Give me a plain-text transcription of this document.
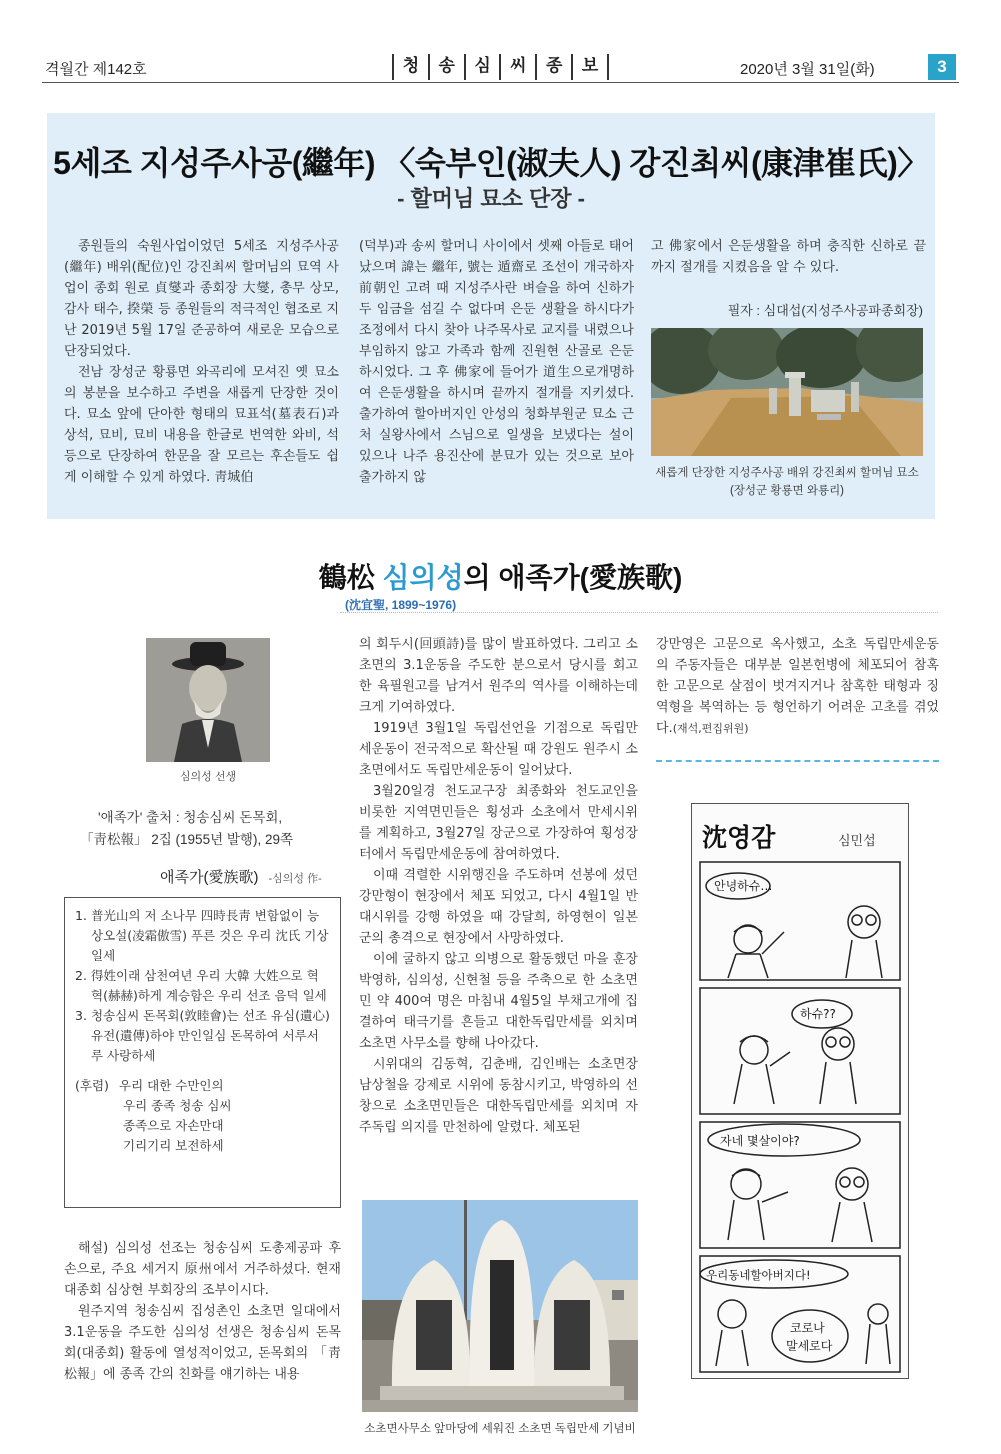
격월간 제142호	청	송	심	씨	종	보	2020년 3월 31일(화)	3
5세조 지성주사공(繼年) 〈숙부인(淑夫人) 강진최씨(康津崔氏)〉
- 할머님 묘소 단장 -

종원들의 숙원사업이었던 5세조 지성주사공(繼年) 배위(配位)인 강진최씨 할머님의 묘역 사업이 종회 원로 貞燮과 종회장 大燮, 총무 상모, 감사 태수, 揆榮 등 종원들의 적극적인 협조로 지난 2019년 5월 17일 준공하여 새로운 모습으로 단장되었다.

전남 장성군 황룡면 와곡리에 모셔진 옛 묘소의 봉분을 보수하고 주변을 새롭게 단장한 것이다. 묘소 앞에 단아한 형태의 묘표석(墓表石)과 상석, 묘비, 묘비 내용을 한글로 번역한 와비, 석등으로 단장하여 한문을 잘 모르는 후손들도 쉽게 이해할 수 있게 하였다. 靑城伯

(덕부)과 송씨 할머니 사이에서 셋째 아들로 태어났으며 諱는 繼年, 號는 遁齋로 조선이 개국하자 前朝인 고려 때 지성주사란 벼슬을 하여 신하가 두 임금을 섬길 수 없다며 은둔 생활을 하시다가 조정에서 다시 찾아 나주목사로 교지를 내렸으나 부임하지 않고 가족과 함께 진원현 산골로 은둔하시었다. 그 후 佛家에 들어가 道生으로개명하여 은둔생활을 하시며 끝까지 절개를 지키셨다. 출가하여 할아버지인 안성의 청화부원군 묘소 근처 실왕사에서 스님으로 일생을 보냈다는 설이 있으나 나주 용진산에 분묘가 있는 것으로 보아 출가하지 않

고 佛家에서 은둔생활을 하며 충직한 신하로 끝까지 절개를 지켰음을 알 수 있다.

필자 : 심대섭(지성주사공파종회장)
새롭게 단장한 지성주사공 배위 강진최씨 할머님 묘소
(장성군 황룡면 와룡리)
鶴松 심의성의 애족가(愛族歌)
(沈宜聖, 1899~1976)
심의성 선생
'애족가' 출처 : 청송심씨 돈목회,
「靑松報」 2집 (1955년 발행), 29쪽
애족가(愛族歌) -심의성 作-
1. 普光山의 저 소나무 四時長靑 변함없이 능상오설(凌霜傲雪) 푸른 것은 우리 沈氏 기상일세
2. 得姓이래 삼천여년 우리 大韓 大姓으로 혁혁(赫赫)하게 계승함은 우리 선조 음덕 일세
3. 청송심씨 돈목회(敦睦會)는 선조 유심(遺心) 유전(遺傳)하야 만인일심 돈목하여 서루서루 사랑하세
(후렴) 우리 대한 수만인의
우리 종족 청송 심씨
종족으로 자손만대
기리기리 보전하세

해설) 심의성 선조는 청송심씨 도총제공파 후손으로, 주요 세거지 原州에서 거주하셨다. 현재 대종회 심상현 부회장의 조부이시다.

원주지역 청송심씨 집성촌인 소초면 일대에서 3.1운동을 주도한 심의성 선생은 청송심씨 돈목회(대종회) 활동에 열성적이었고, 돈목회의 「靑松報」에 종족 간의 친화를 얘기하는 내용

의 회두시(回頭詩)를 많이 발표하였다. 그리고 소초면의 3.1운동을 주도한 분으로서 당시를 회고한 육필원고를 남겨서 원주의 역사를 이해하는데 크게 기여하였다.

1919년 3월1일 독립선언을 기점으로 독립만세운동이 전국적으로 확산될 때 강원도 원주시 소초면에서도 독립만세운동이 일어났다.

3월20일경 천도교구장 최종화와 천도교인을 비롯한 지역면민들은 횡성과 소초에서 만세시위를 계획하고, 3월27일 장군으로 가장하여 횡성장터에서 독립만세운동에 참여하였다.

이때 격렬한 시위행진을 주도하며 선봉에 섰던 강만형이 현장에서 체포 되었고, 다시 4월1일 반대시위를 강행 하였을 때 강달희, 하영현이 일본군의 총격으로 현장에서 사망하였다.

이에 굴하지 않고 의병으로 활동했던 마을 훈장 박영하, 심의성, 신현철 등을 주축으로 한 소초면민 약 400여 명은 마침내 4월5일 부채고개에 집결하여 태극기를 흔들고 대한독립만세를 외치며 소초면 사무소를 향해 나아갔다.

시위대의 김동혁, 김춘배, 김인배는 소초면장 남상철을 강제로 시위에 동참시키고, 박영하의 선창으로 소초면민들은 대한독립만세를 외치며 자주독립 의지를 만천하에 알렸다. 체포된

소초면사무소 앞마당에 세워진 소초면 독립만세 기념비

강만영은 고문으로 옥사했고, 소초 독립만세운동의 주동자들은 대부분 일본헌병에 체포되어 참혹한 고문으로 살점이 벗겨지거나 참혹한 태형과 징역형을 복역하는 등 형언하기 어려운 고초를 겪었다.(재석,편집위원)

안녕하슈…
하슈??
자네 몇살이야?
우리동네할아버지다!
코로나
말세로다
沈영감	심민섭
